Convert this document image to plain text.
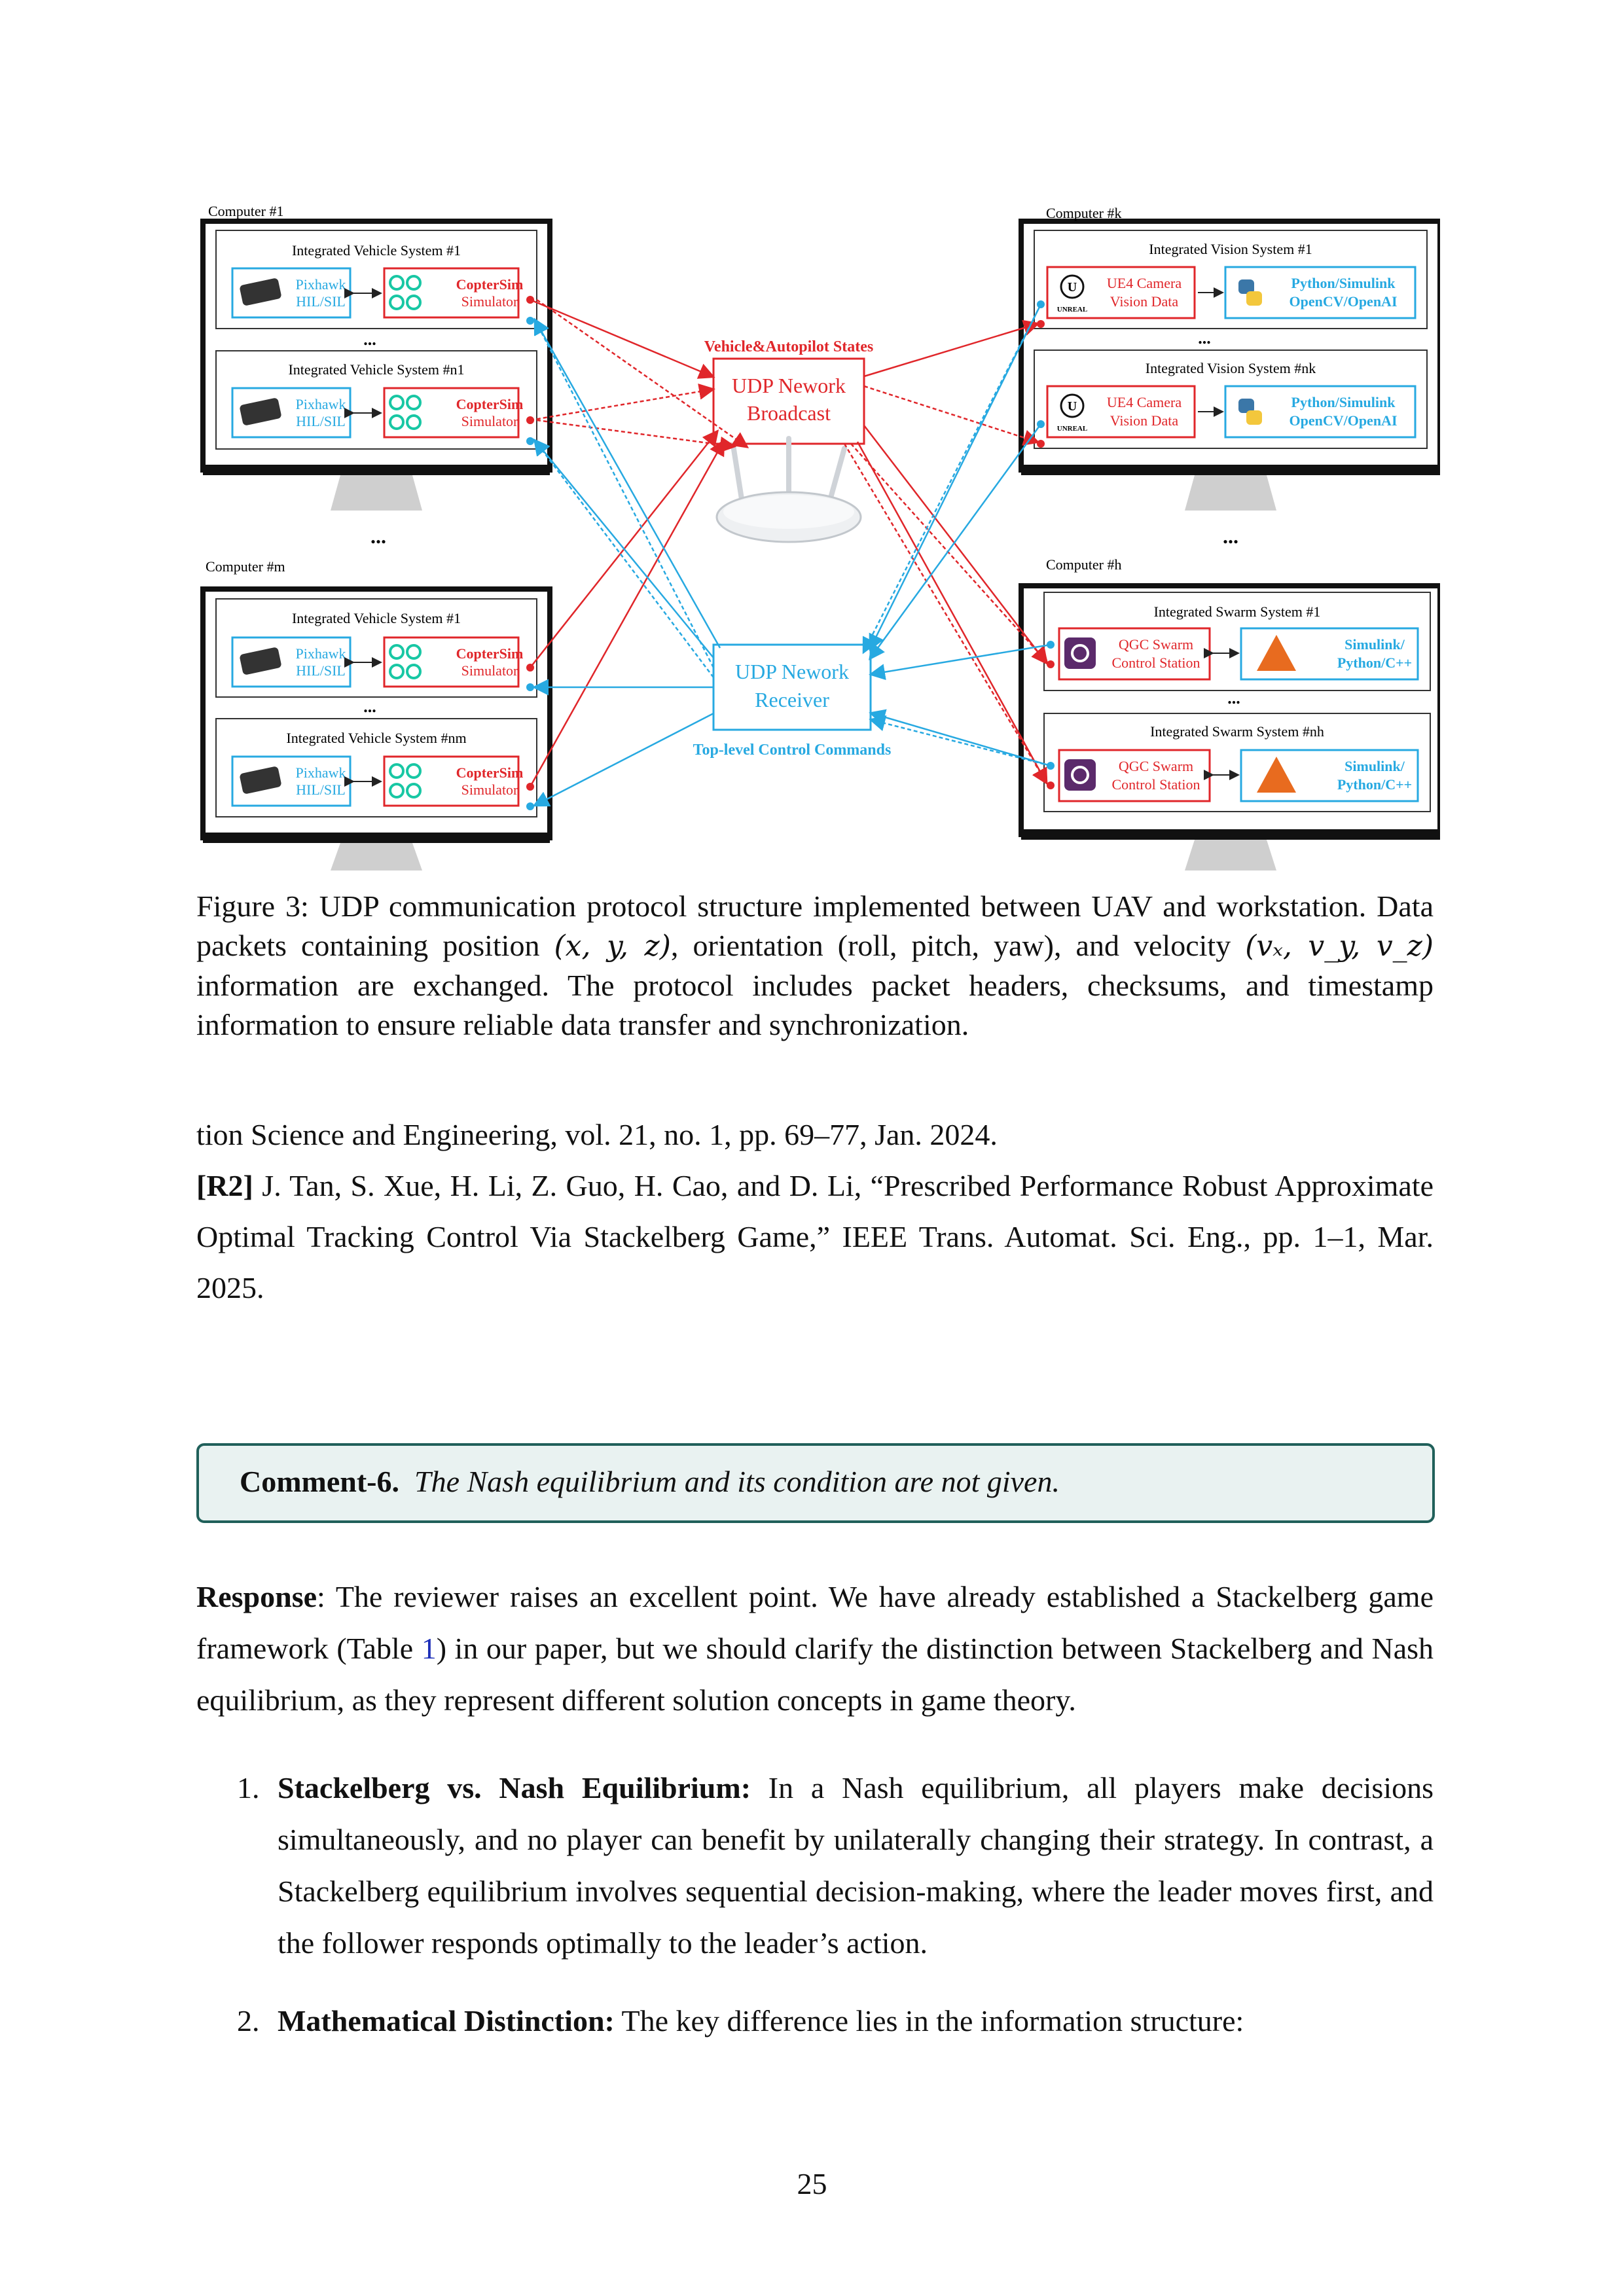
Computer #1	Computer #k
Computer #m	Computer #h
Integrated Vehicle System #1
Pixhawk
HIL/SIL
CopterSim
Simulator
...
Integrated Vehicle System #n1
Pixhawk
HIL/SIL
CopterSim
Simulator
Integrated Vehicle System #1
Pixhawk
HIL/SIL
CopterSim
Simulator
...
Integrated Vehicle System #nm
Pixhawk
HIL/SIL
CopterSim
Simulator
Integrated Vision System #1
U
UNREAL
UE4 Camera
Vision Data
Python/Simulink
OpenCV/OpenAI
...
Integrated Vision System #nk
U
UNREAL
UE4 Camera
Vision Data
Python/Simulink
OpenCV/OpenAI
Integrated Swarm System #1
QGC Swarm
Control Station
Simulink/
Python/C++
...
Integrated Swarm System #nh
QGC Swarm
Control Station
Simulink/
Python/C++
...	...
Vehicle&Autopilot States
UDP Nework
Broadcast
UDP Nework
Receiver
Top-level Control Commands
Figure 3: UDP communication protocol structure implemented between UAV and workstation. Data packets containing position (x, y, z), orientation (roll, pitch, yaw), and velocity (vₓ, v_y, v_z) information are exchanged. The protocol includes packet headers, checksums, and timestamp information to ensure reliable data transfer and synchronization.

tion Science and Engineering, vol. 21, no. 1, pp. 69–77, Jan. 2024.

[R2] J. Tan, S. Xue, H. Li, Z. Guo, H. Cao, and D. Li, “Prescribed Performance Robust Approximate Optimal Tracking Control Via Stackelberg Game,” IEEE Trans. Automat. Sci. Eng., pp. 1–1, Mar. 2025.

Comment-6. The Nash equilibrium and its condition are not given.
Response: The reviewer raises an excellent point. We have already established a Stackelberg game framework (Table 1) in our paper, but we should clarify the distinction between Stackelberg and Nash equilibrium, as they represent different solution concepts in game theory.
1. Stackelberg vs. Nash Equilibrium: In a Nash equilibrium, all players make decisions simultaneously, and no player can benefit by unilaterally changing their strategy. In contrast, a Stackelberg equilibrium involves sequential decision-making, where the leader moves first, and the follower responds optimally to the leader’s action.
2. Mathematical Distinction: The key difference lies in the information structure:
25
